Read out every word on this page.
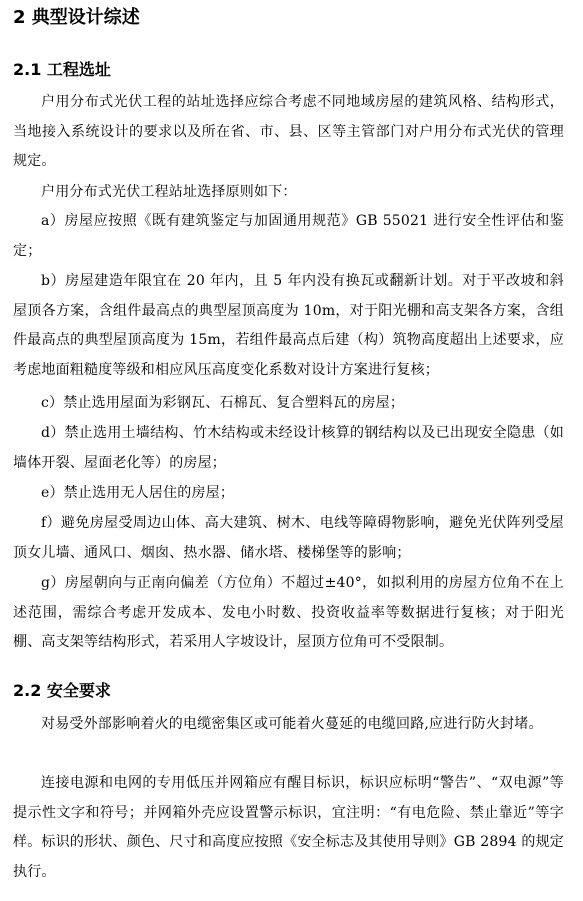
2 典型设计综述
2.1 工程选址
户用分布式光伏工程的站址选择应综合考虑不同地域房屋的建筑风格、结构形式，当地接入系统设计的要求以及所在省、市、县、区等主管部门对户用分布式光伏的管理规定。
户用分布式光伏工程站址选择原则如下：
a）房屋应按照《既有建筑鉴定与加固通用规范》GB 55021 进行安全性评估和鉴定；
b）房屋建造年限宜在 20 年内，且 5 年内没有换瓦或翻新计划。对于平改坡和斜屋顶各方案，含组件最高点的典型屋顶高度为 10m，对于阳光棚和高支架各方案，含组件最高点的典型屋顶高度为 15m，若组件最高点后建（构）筑物高度超出上述要求，应考虑地面粗糙度等级和相应风压高度变化系数对设计方案进行复核；
c）禁止选用屋面为彩钢瓦、石棉瓦、复合塑料瓦的房屋；
d）禁止选用土墙结构、竹木结构或未经设计核算的钢结构以及已出现安全隐患（如墙体开裂、屋面老化等）的房屋；
e）禁止选用无人居住的房屋；
f）避免房屋受周边山体、高大建筑、树木、电线等障碍物影响，避免光伏阵列受屋顶女儿墙、通风口、烟囱、热水器、储水塔、楼梯堡等的影响；
g）房屋朝向与正南向偏差（方位角）不超过±40°，如拟利用的房屋方位角不在上述范围，需综合考虑开发成本、发电小时数、投资收益率等数据进行复核；对于阳光棚、高支架等结构形式，若采用人字坡设计，屋顶方位角可不受限制。
2.2 安全要求
对易受外部影响着火的电缆密集区或可能着火蔓延的电缆回路,应进行防火封堵。
连接电源和电网的专用低压并网箱应有醒目标识，标识应标明“警告”、“双电源”等提示性文字和符号；并网箱外壳应设置警示标识，宜注明：“有电危险、禁止靠近”等字样。标识的形状、颜色、尺寸和高度应按照《安全标志及其使用导则》GB 2894 的规定执行。
